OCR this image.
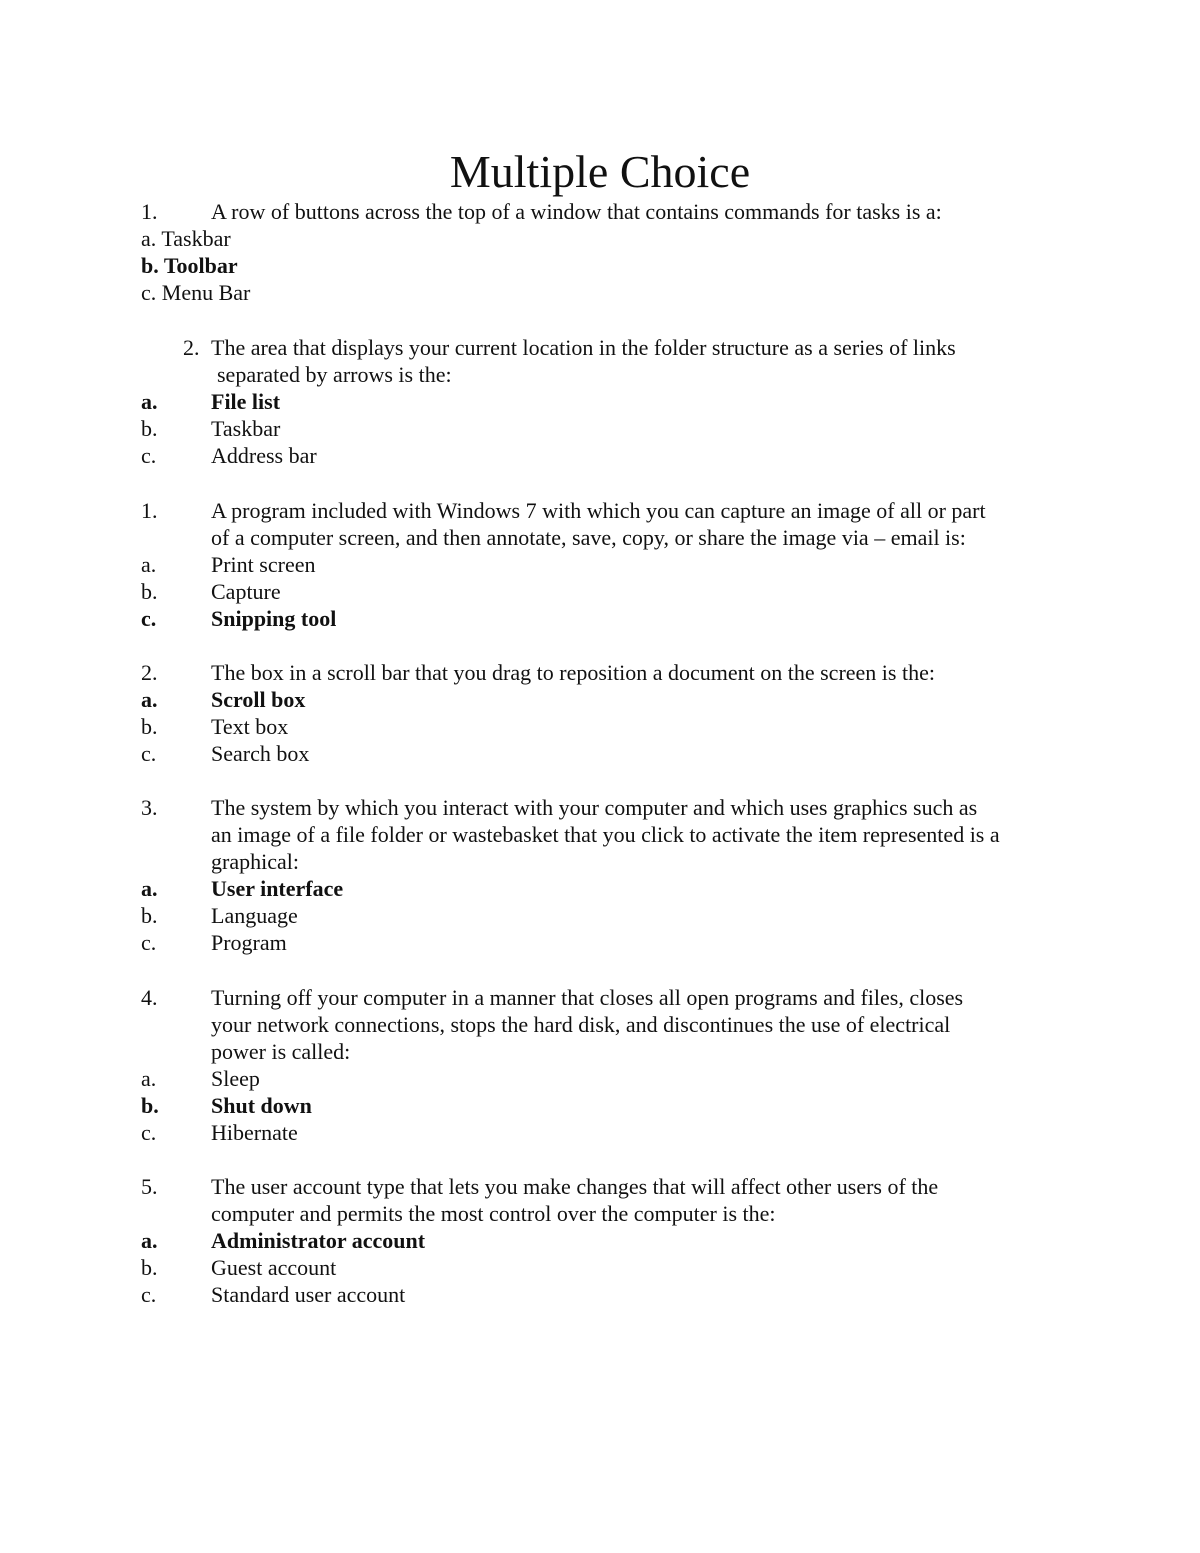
Multiple Choice
1. A row of buttons across the top of a window that contains commands for tasks is a:
a. Taskbar
b. Toolbar
c. Menu Bar
2. The area that displays your current location in the folder structure as a series of links
separated by arrows is the:
a. File list
b. Taskbar
c. Address bar
1. A program included with Windows 7 with which you can capture an image of all or part
of a computer screen, and then annotate, save, copy, or share the image via – email is:
a. Print screen
b. Capture
c. Snipping tool
2. The box in a scroll bar that you drag to reposition a document on the screen is the:
a. Scroll box
b. Text box
c. Search box
3. The system by which you interact with your computer and which uses graphics such as
an image of a file folder or wastebasket that you click to activate the item represented is a
graphical:
a. User interface
b. Language
c. Program
4. Turning off your computer in a manner that closes all open programs and files, closes
your network connections, stops the hard disk, and discontinues the use of electrical
power is called:
a. Sleep
b. Shut down
c. Hibernate
5. The user account type that lets you make changes that will affect other users of the
computer and permits the most control over the computer is the:
a. Administrator account
b. Guest account
c. Standard user account
